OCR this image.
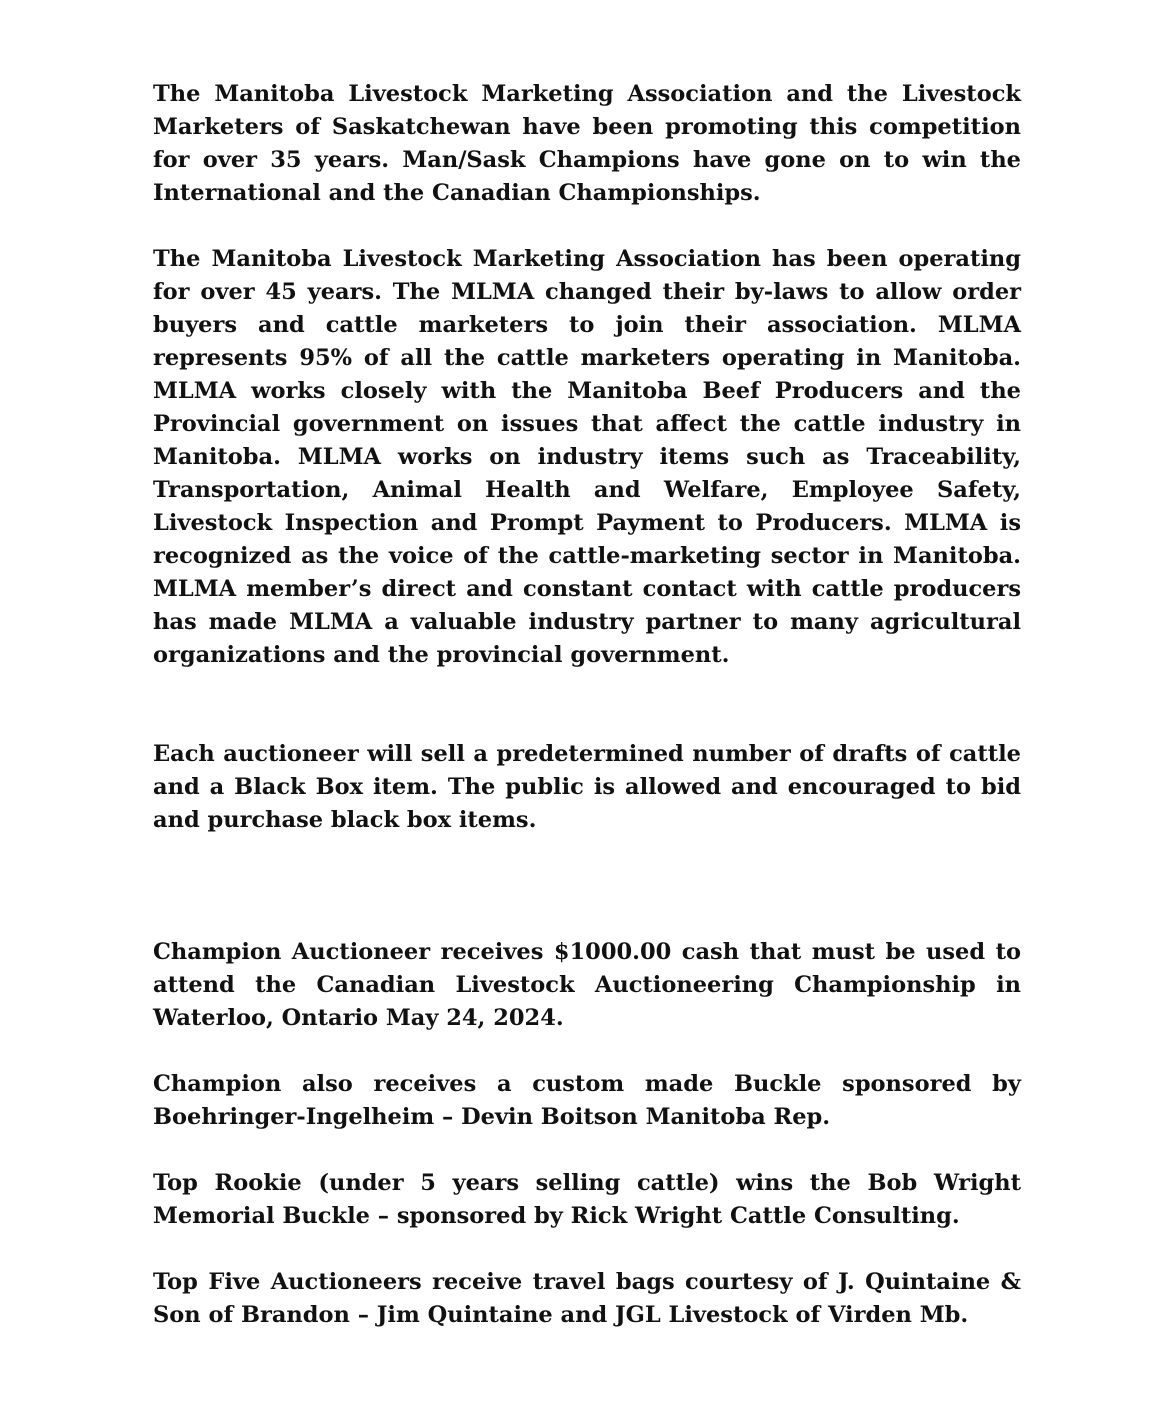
The Manitoba Livestock Marketing Association and the Livestock Marketers of Saskatchewan have been promoting this competition for over 35 years. Man/Sask Champions have gone on to win the International and the Canadian Championships.

The Manitoba Livestock Marketing Association has been operating for over 45 years. The MLMA changed their by-laws to allow order buyers and cattle marketers to join their association. MLMA represents 95% of all the cattle marketers operating in Manitoba. MLMA works closely with the Manitoba Beef Producers and the Provincial government on issues that affect the cattle industry in Manitoba. MLMA works on industry items such as Traceability, Transportation, Animal Health and Welfare, Employee Safety, Livestock Inspection and Prompt Payment to Producers. MLMA is recognized as the voice of the cattle-marketing sector in Manitoba. MLMA member’s direct and constant contact with cattle producers has made MLMA a valuable industry partner to many agricultural organizations and the provincial government.

Each auctioneer will sell a predetermined number of drafts of cattle and a Black Box item. The public is allowed and encouraged to bid and purchase black box items.

Champion Auctioneer receives $1000.00 cash that must be used to attend the Canadian Livestock Auctioneering Championship in Waterloo, Ontario May 24, 2024.

Champion also receives a custom made Buckle sponsored by Boehringer-Ingelheim – Devin Boitson Manitoba Rep.

Top Rookie (under 5 years selling cattle) wins the Bob Wright Memorial Buckle – sponsored by Rick Wright Cattle Consulting.

Top Five Auctioneers receive travel bags courtesy of J. Quintaine & Son of Brandon – Jim Quintaine and JGL Livestock of Virden Mb.
